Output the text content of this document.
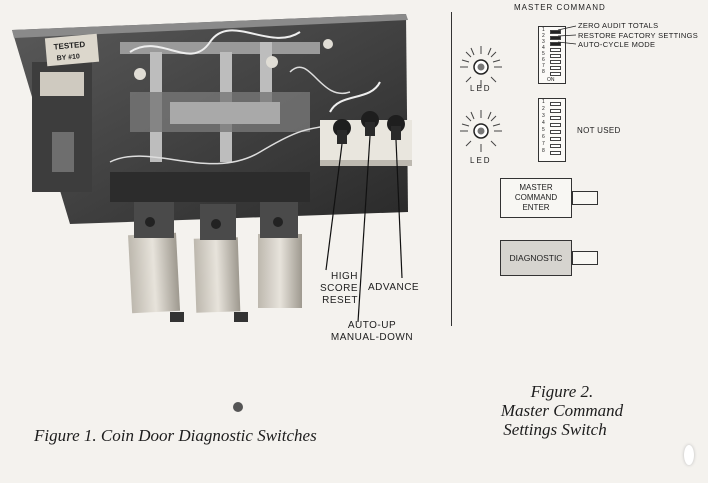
TESTED
BY #10
HIGH
SCORE
RESET
ADVANCE
AUTO-UP
MANUAL-DOWN
Figure 1. Coin Door Diagnostic Switches
MASTER COMMAND
LED
LED
1
2
3
4
5
6
7
8
ON
ZERO AUDIT TOTALS
RESTORE FACTORY SETTINGS
AUTO-CYCLE MODE
1
2
3
4
5
6
7
8
NOT USED
MASTER
COMMAND
ENTER
DIAGNOSTIC
Figure 2.
Master Command
Settings Switch
